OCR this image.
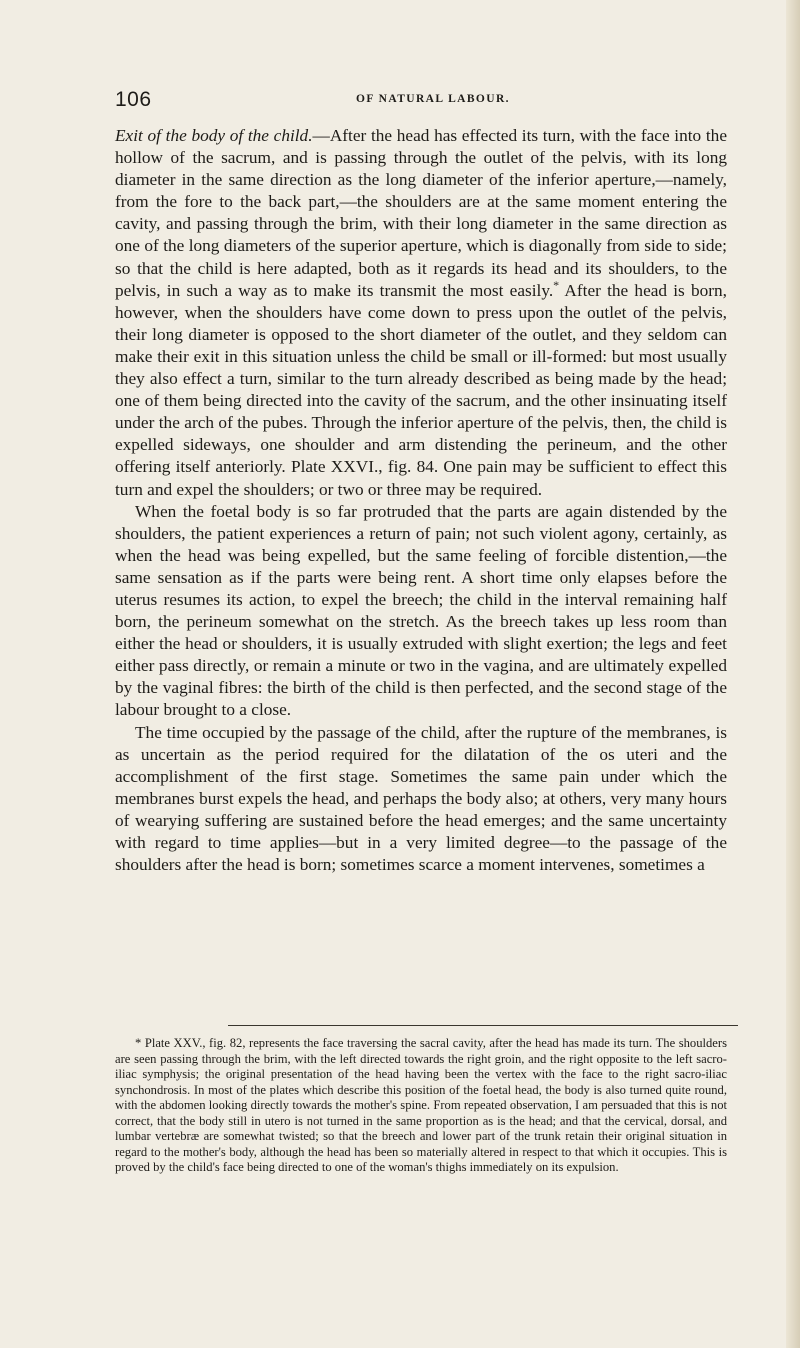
106	OF NATURAL LABOUR.

Exit of the body of the child.—After the head has effected its turn, with the face into the hollow of the sacrum, and is passing through the outlet of the pelvis, with its long diameter in the same direction as the long diameter of the inferior aperture,—namely, from the fore to the back part,—the shoulders are at the same moment entering the cavity, and passing through the brim, with their long diameter in the same direction as one of the long diameters of the superior aperture, which is diagonally from side to side; so that the child is here adapted, both as it regards its head and its shoulders, to the pelvis, in such a way as to make its transmit the most easily.* After the head is born, however, when the shoulders have come down to press upon the outlet of the pelvis, their long diameter is opposed to the short diameter of the outlet, and they seldom can make their exit in this situation unless the child be small or ill-formed: but most usually they also effect a turn, similar to the turn already described as being made by the head; one of them being directed into the cavity of the sacrum, and the other insinuating itself under the arch of the pubes. Through the inferior aperture of the pelvis, then, the child is expelled sideways, one shoulder and arm distending the perineum, and the other offering itself anteriorly. Plate XXVI., fig. 84. One pain may be sufficient to effect this turn and expel the shoulders; or two or three may be required.

When the foetal body is so far protruded that the parts are again distended by the shoulders, the patient experiences a return of pain; not such violent agony, certainly, as when the head was being expelled, but the same feeling of forcible distention,—the same sensation as if the parts were being rent. A short time only elapses before the uterus resumes its action, to expel the breech; the child in the interval remaining half born, the perineum somewhat on the stretch. As the breech takes up less room than either the head or shoulders, it is usually extruded with slight exertion; the legs and feet either pass directly, or remain a minute or two in the vagina, and are ultimately expelled by the vaginal fibres: the birth of the child is then perfected, and the second stage of the labour brought to a close.

The time occupied by the passage of the child, after the rupture of the membranes, is as uncertain as the period required for the dilatation of the os uteri and the accomplishment of the first stage. Sometimes the same pain under which the membranes burst expels the head, and perhaps the body also; at others, very many hours of wearying suffering are sustained before the head emerges; and the same uncertainty with regard to time applies—but in a very limited degree—to the passage of the shoulders after the head is born; sometimes scarce a moment intervenes, sometimes a

* Plate XXV., fig. 82, represents the face traversing the sacral cavity, after the head has made its turn. The shoulders are seen passing through the brim, with the left directed towards the right groin, and the right opposite to the left sacro-iliac symphysis; the original presentation of the head having been the vertex with the face to the right sacro-iliac synchondrosis. In most of the plates which describe this position of the foetal head, the body is also turned quite round, with the abdomen looking directly towards the mother's spine. From repeated observation, I am persuaded that this is not correct, that the body still in utero is not turned in the same proportion as is the head; and that the cervical, dorsal, and lumbar vertebræ are somewhat twisted; so that the breech and lower part of the trunk retain their original situation in regard to the mother's body, although the head has been so materially altered in respect to that which it occupies. This is proved by the child's face being directed to one of the woman's thighs immediately on its expulsion.
